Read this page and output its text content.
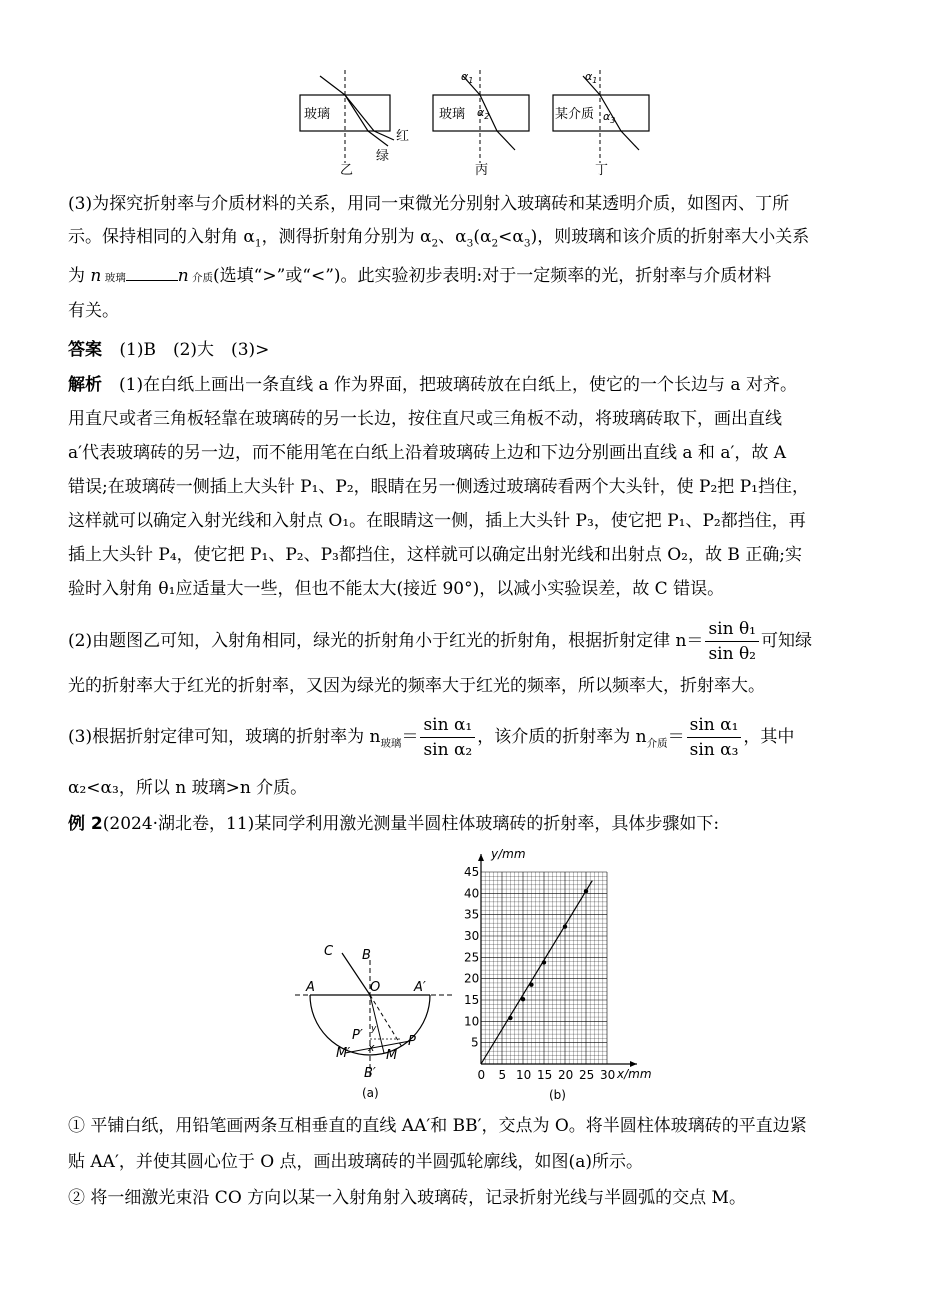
玻璃
红
绿
乙
玻璃
$\alpha_1$
$\alpha_2$
丙
某介质
$\alpha_1$
$\alpha_3$
丁
(3)为探究折射率与介质材料的关系，用同一束微光分别射入玻璃砖和某透明介质，如图丙、丁所
示。保持相同的入射角 $\alpha_1$，测得折射角分别为 $\alpha_2$、$\alpha_3(\alpha_2<\alpha_3)$，则玻璃和该介质的折射率大小关系
为 n 玻璃	n 介质(选填“>”或“<”)。此实验初步表明:对于一定频率的光，折射率与介质材料
有关。
答案 (1)B　(2)大　(3)>
解析　 (1)在白纸上画出一条直线 a 作为界面，把玻璃砖放在白纸上，使它的一个长边与 a 对齐。
用直尺或者三角板轻靠在玻璃砖的另一长边，按住直尺或三角板不动，将玻璃砖取下，画出直线
a′代表玻璃砖的另一边，而不能用笔在白纸上沿着玻璃砖上边和下边分别画出直线 a 和 a′，故 A
错误;在玻璃砖一侧插上大头针 P₁、P₂，眼睛在另一侧透过玻璃砖看两个大头针，使 P₂把 P₁挡住，
这样就可以确定入射光线和入射点 O₁。在眼睛这一侧，插上大头针 P₃，使它把 P₁、P₂都挡住，再
插上大头针 P₄，使它把 P₁、P₂、P₃都挡住，这样就可以确定出射光线和出射点 O₂，故 B 正确;实
验时入射角 θ₁应适量大一些，但也不能太大(接近 90°)，以减小实验误差，故 C 错误。
(2)由题图乙可知，入射角相同，绿光的折射角小于红光的折射角，根据折射定律 $n= \frac{\text{sin θ₁}}{\text{sin θ₂}}$ 可知绿
光的折射率大于红光的折射率，又因为绿光的频率大于红光的频率，所以频率大，折射率大。
(3)根据折射定律可知，玻璃的折射率为 $n_{玻璃}= \frac{\text{sin α₁}}{\text{sin α₂}}$ ，该介质的折射率为 $n_{介质}= \frac{\text{sin α₁}}{\text{sin α₃}}$ ，其中
α₂<α₃，所以 n 玻璃>n 介质。
例 2(2024·湖北卷，11)某同学利用激光测量半圆柱体玻璃砖的折射率，具体步骤如下:
C B
O
A	A′
P′ y
P
M
M′ x
B′
(a)
0 5 10 15 20 25 30
5
10
15
20
25
30
35
40
45
y/mm
x/mm
(b)
① 平铺白纸，用铅笔画两条互相垂直的直线 AA′和 BB′，交点为 O。将半圆柱体玻璃砖的平直边紧
贴 AA′，并使其圆心位于 O 点，画出玻璃砖的半圆弧轮廓线，如图(a)所示。
② 将一细激光束沿 CO 方向以某一入射角射入玻璃砖，记录折射光线与半圆弧的交点 M。
